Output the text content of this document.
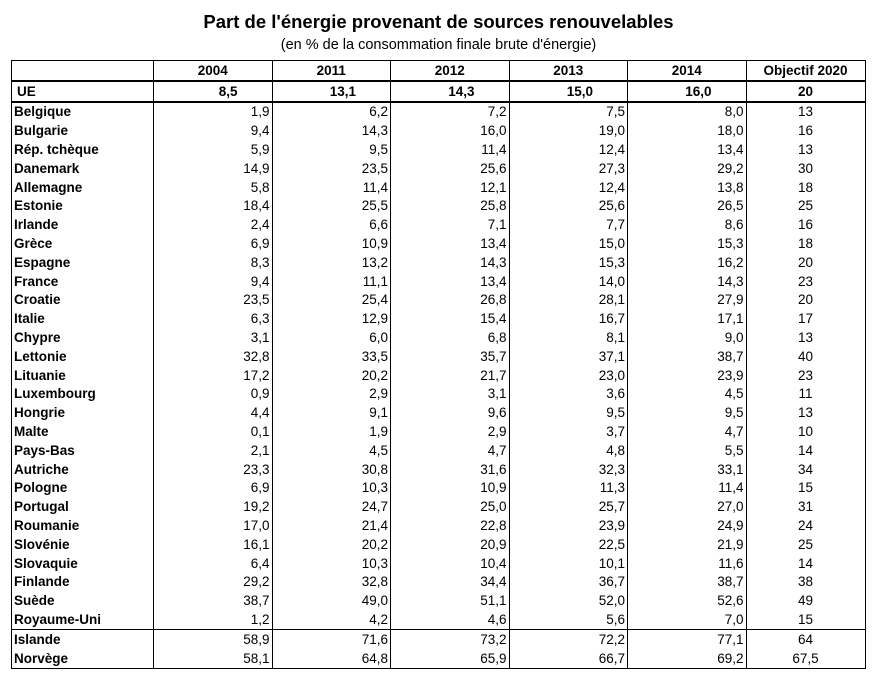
Part de l'énergie provenant de sources renouvelables
(en % de la consommation finale brute d'énergie)
	2004	2011	2012	2013	2014	Objectif 2020
UE	8,5	13,1	14,3	15,0	16,0	20
Belgique	1,9	6,2	7,2	7,5	8,0	13
Bulgarie	9,4	14,3	16,0	19,0	18,0	16
Rép. tchèque	5,9	9,5	11,4	12,4	13,4	13
Danemark	14,9	23,5	25,6	27,3	29,2	30
Allemagne	5,8	11,4	12,1	12,4	13,8	18
Estonie	18,4	25,5	25,8	25,6	26,5	25
Irlande	2,4	6,6	7,1	7,7	8,6	16
Grèce	6,9	10,9	13,4	15,0	15,3	18
Espagne	8,3	13,2	14,3	15,3	16,2	20
France	9,4	11,1	13,4	14,0	14,3	23
Croatie	23,5	25,4	26,8	28,1	27,9	20
Italie	6,3	12,9	15,4	16,7	17,1	17
Chypre	3,1	6,0	6,8	8,1	9,0	13
Lettonie	32,8	33,5	35,7	37,1	38,7	40
Lituanie	17,2	20,2	21,7	23,0	23,9	23
Luxembourg	0,9	2,9	3,1	3,6	4,5	11
Hongrie	4,4	9,1	9,6	9,5	9,5	13
Malte	0,1	1,9	2,9	3,7	4,7	10
Pays-Bas	2,1	4,5	4,7	4,8	5,5	14
Autriche	23,3	30,8	31,6	32,3	33,1	34
Pologne	6,9	10,3	10,9	11,3	11,4	15
Portugal	19,2	24,7	25,0	25,7	27,0	31
Roumanie	17,0	21,4	22,8	23,9	24,9	24
Slovénie	16,1	20,2	20,9	22,5	21,9	25
Slovaquie	6,4	10,3	10,4	10,1	11,6	14
Finlande	29,2	32,8	34,4	36,7	38,7	38
Suède	38,7	49,0	51,1	52,0	52,6	49
Royaume-Uni	1,2	4,2	4,6	5,6	7,0	15
Islande	58,9	71,6	73,2	72,2	77,1	64
Norvège	58,1	64,8	65,9	66,7	69,2	67,5
